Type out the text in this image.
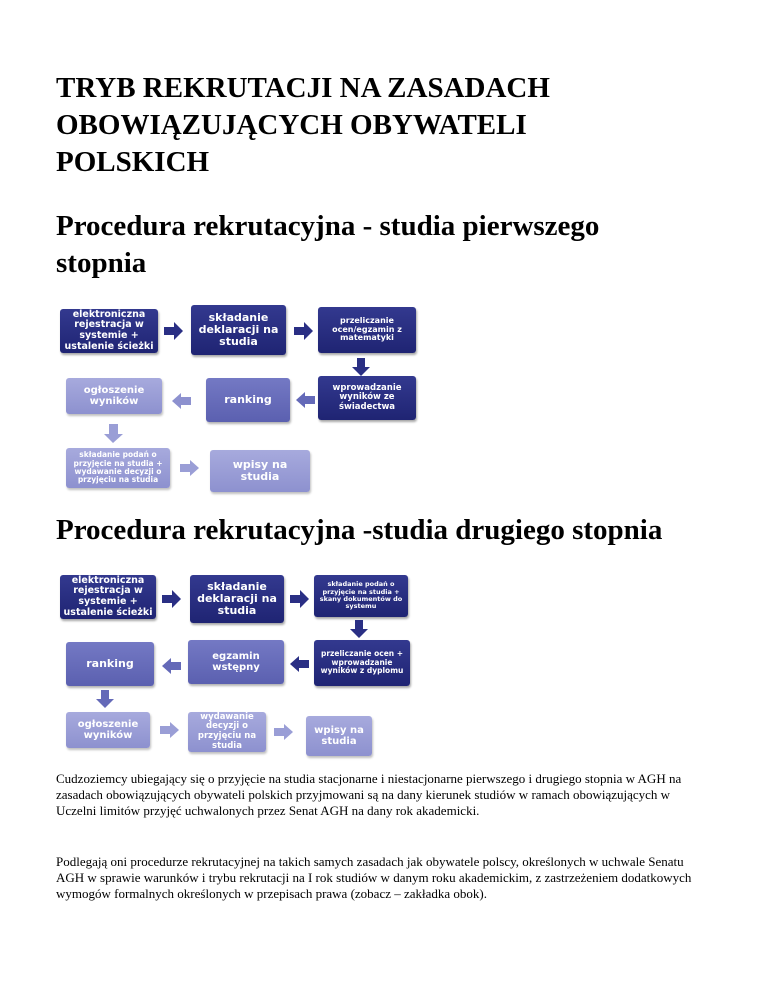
TRYB REKRUTACJI NA ZASADACH OBOWIĄZUJĄCYCH OBYWATELI POLSKICH
Procedura rekrutacyjna - studia pierwszego stopnia
elektroniczna rejestracja w systemie + ustalenie ścieżki
składanie deklaracji na studia
przeliczanie ocen/egzamin z matematyki
ogłoszenie wyników	ranking
wprowadzanie wyników ze świadectwa
składanie podań o przyjęcie na studia + wydawanie decyzji o przyjęciu na studia
wpisy na studia
Procedura rekrutacyjna -studia drugiego stopnia
elektroniczna rejestracja w systemie + ustalenie ścieżki
składanie deklaracji na studia
składanie podań o przyjęcie na studia + skany dokumentów do systemu
ranking
egzamin wstępny
przeliczanie ocen + wprowadzanie wyników z dyplomu
ogłoszenie wyników
wydawanie decyzji o przyjęciu na studia
wpisy na studia

Cudzoziemcy ubiegający się o przyjęcie na studia stacjonarne i niestacjonarne pierwszego i drugiego stopnia w AGH na zasadach obowiązujących obywateli polskich przyjmowani są na dany kierunek studiów w ramach obowiązujących w Uczelni limitów przyjęć uchwalonych przez Senat AGH na dany rok akademicki.

Podlegają oni procedurze rekrutacyjnej na takich samych zasadach jak obywatele polscy, określonych w uchwale Senatu AGH w sprawie warunków i trybu rekrutacji na I rok studiów w danym roku akademickim, z zastrzeżeniem dodatkowych wymogów formalnych określonych w przepisach prawa (zobacz – zakładka obok).
